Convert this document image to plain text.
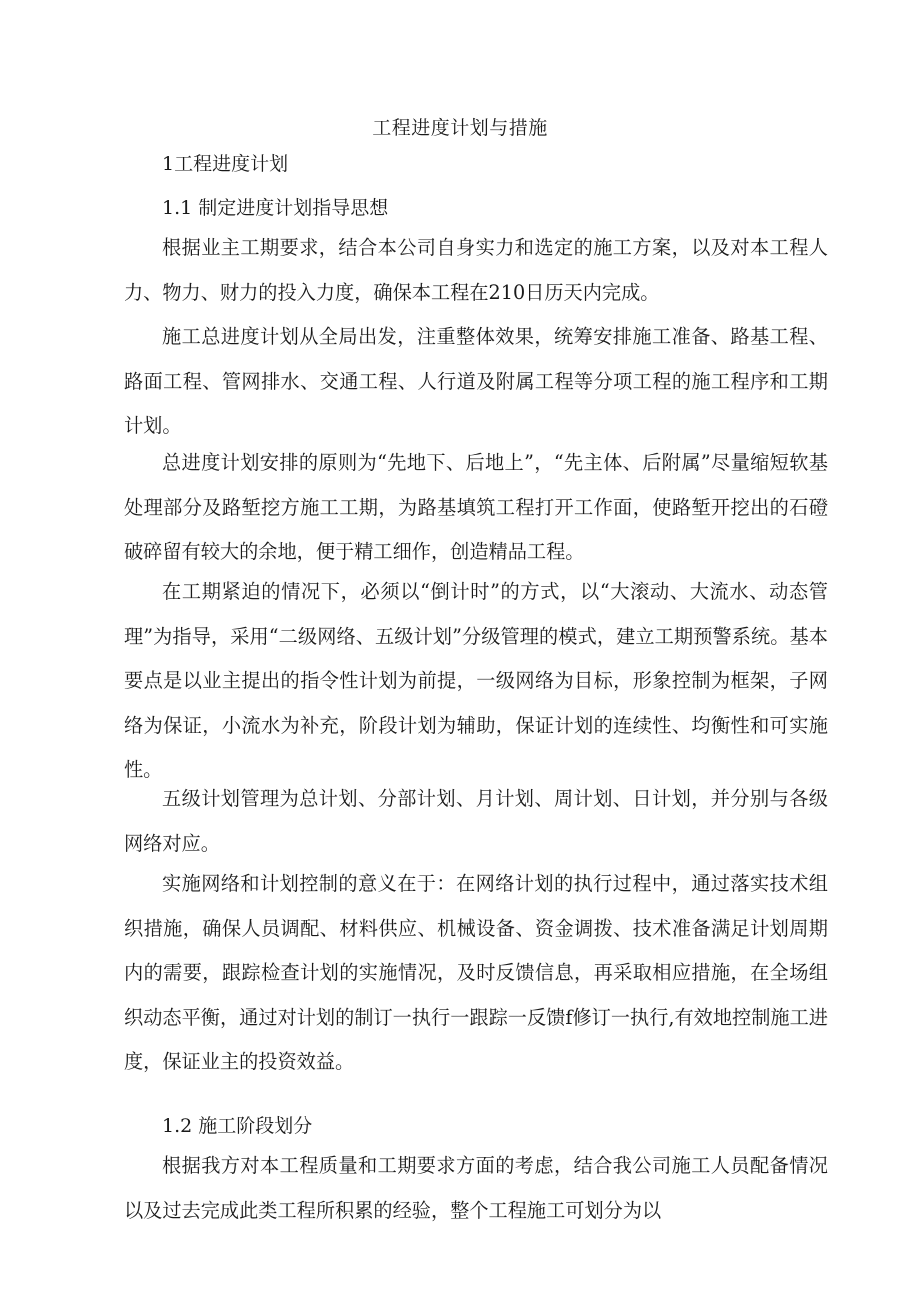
工程进度计划与措施
1工程进度计划
1.1 制定进度计划指导思想

根据业主工期要求，结合本公司自身实力和选定的施工方案，以及对本工程人力、物力、财力的投入力度，确保本工程在210日历天内完成。

施工总进度计划从全局出发，注重整体效果，统筹安排施工准备、路基工程、路面工程、管网排水、交通工程、人行道及附属工程等分项工程的施工程序和工期计划。

总进度计划安排的原则为“先地下、后地上”，“先主体、后附属”尽量缩短软基处理部分及路堑挖方施工工期，为路基填筑工程打开工作面，使路堑开挖出的石磴破碎留有较大的余地，便于精工细作，创造精品工程。

在工期紧迫的情况下，必须以“倒计时”的方式，以“大滚动、大流水、动态管理”为指导，采用“二级网络、五级计划”分级管理的模式，建立工期预警系统。基本要点是以业主提出的指令性计划为前提，一级网络为目标，形象控制为框架，子网络为保证，小流水为补充，阶段计划为辅助，保证计划的连续性、均衡性和可实施性。

五级计划管理为总计划、分部计划、月计划、周计划、日计划，并分别与各级网络对应。

实施网络和计划控制的意义在于：在网络计划的执行过程中，通过落实技术组织措施，确保人员调配、材料供应、机械设备、资金调拨、技术准备满足计划周期内的需要，跟踪检查计划的实施情况，及时反馈信息，再采取相应措施，在全场组织动态平衡，通过对计划的制订一执行一跟踪一反馈f修订一执行,有效地控制施工进度，保证业主的投资效益。

1.2 施工阶段划分

根据我方对本工程质量和工期要求方面的考虑，结合我公司施工人员配备情况以及过去完成此类工程所积累的经验，整个工程施工可划分为以
